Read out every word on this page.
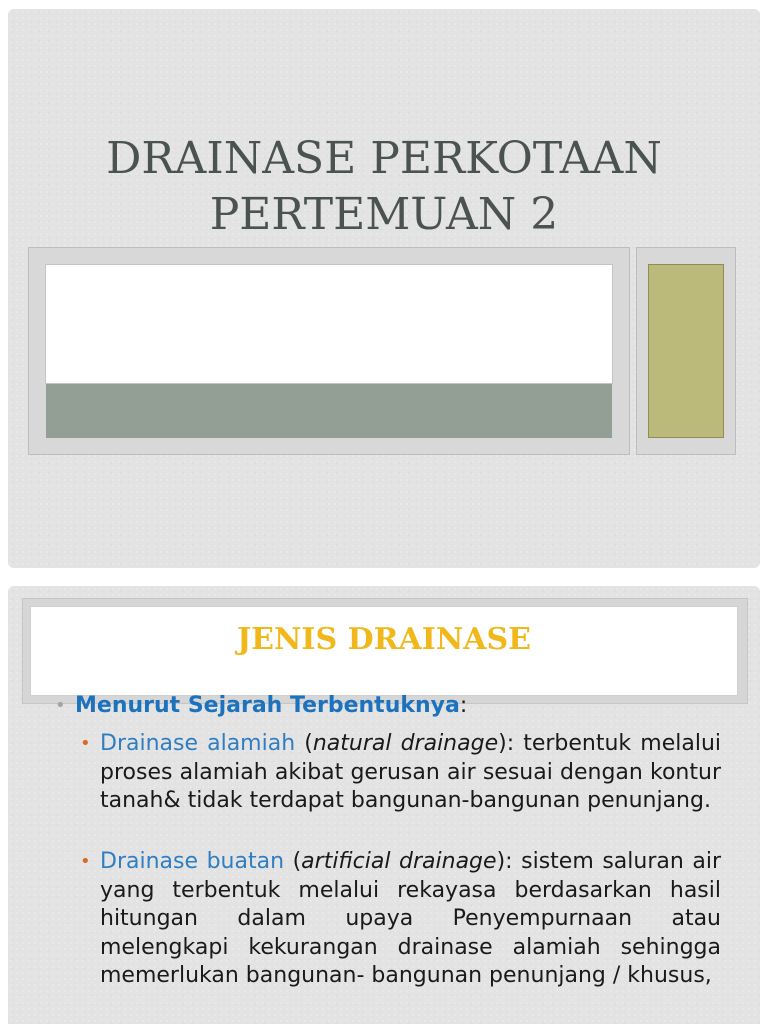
DRAINASE PERKOTAAN
PERTEMUAN 2
JENIS DRAINASE
• Menurut Sejarah Terbentuknya:
• Drainase alamiah (natural drainage): terbentuk melalui proses alamiah akibat gerusan air sesuai dengan kontur tanah& tidak terdapat bangunan-bangunan penunjang.
• Drainase buatan (artificial drainage): sistem saluran air yang terbentuk melalui rekayasa berdasarkan hasil hitungan dalam upaya Penyempurnaan atau melengkapi kekurangan drainase alamiah sehingga memerlukan bangunan- bangunan penunjang / khusus,
